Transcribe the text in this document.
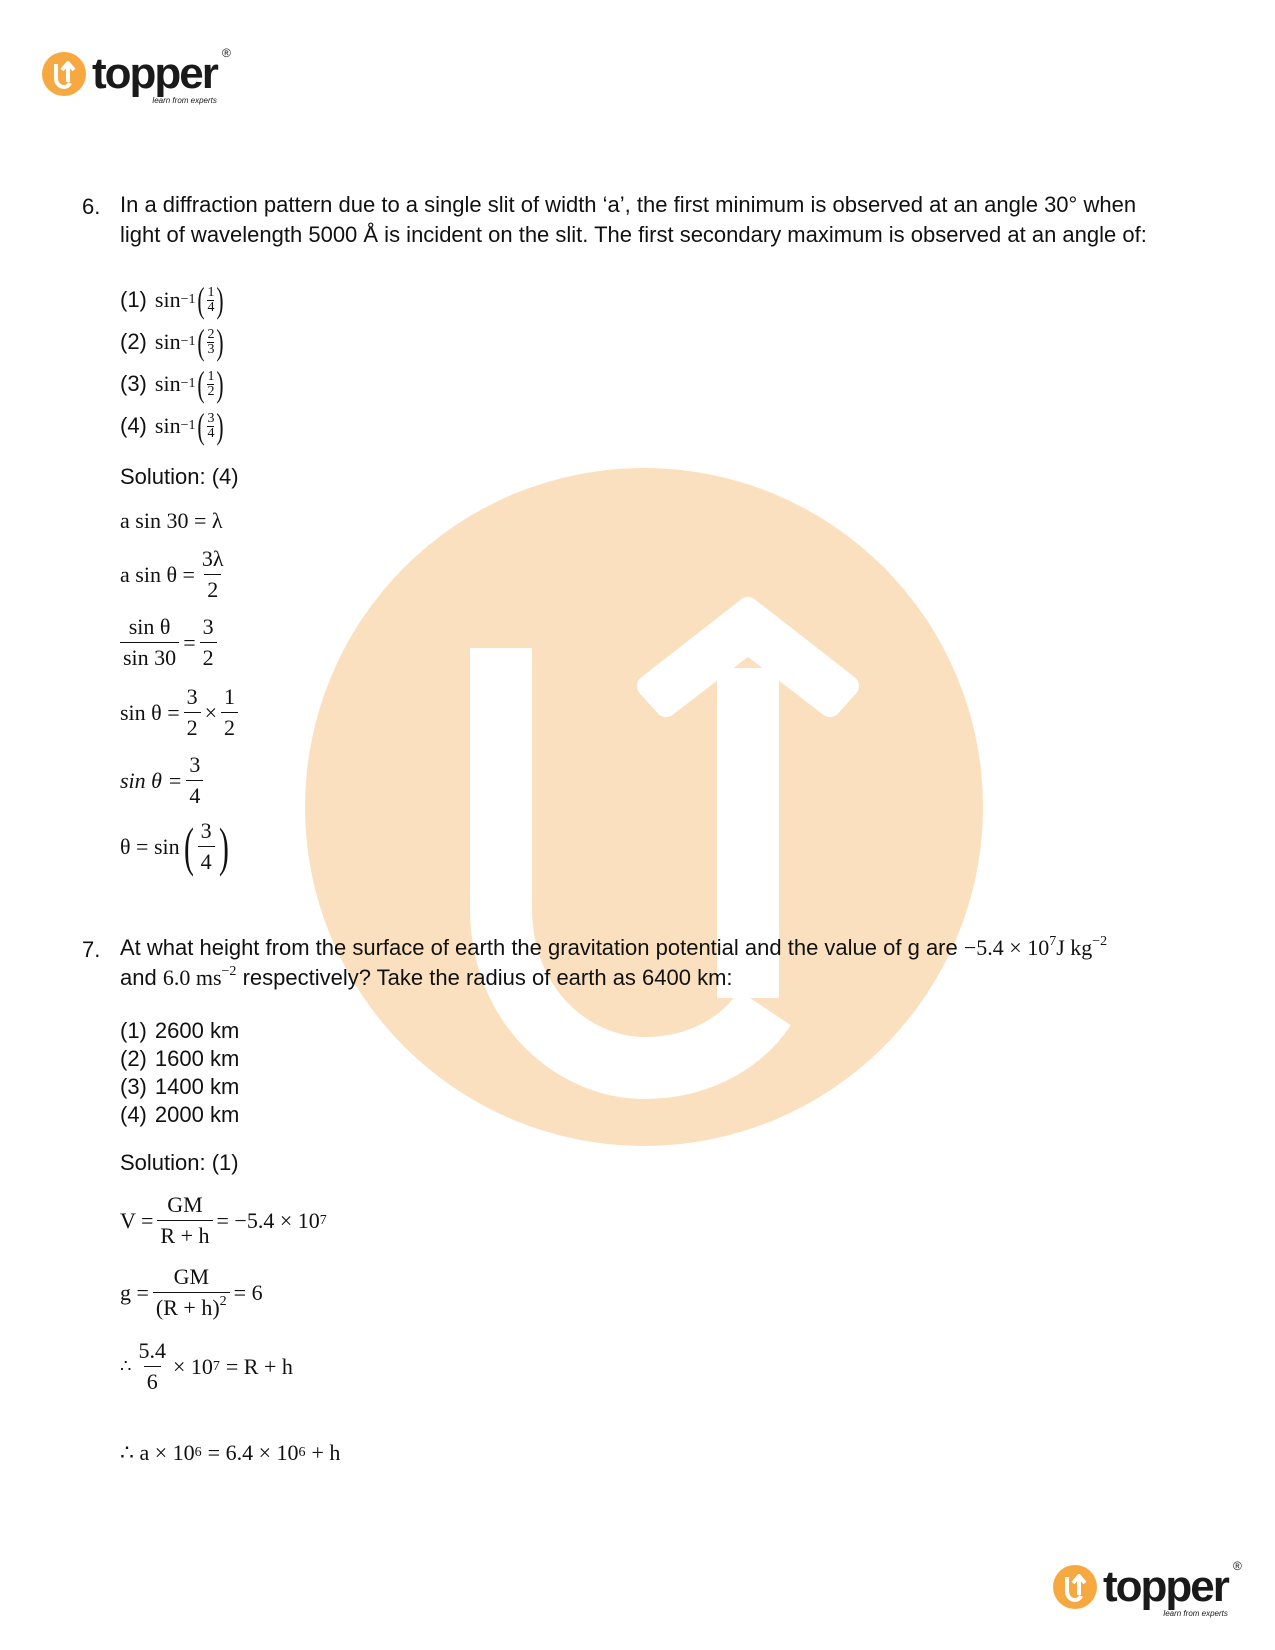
topper ®
learn from experts
6. In a diffraction pattern due to a single slit of width ‘a’, the first minimum is observed at an angle 30° when
light of wavelength 5000 Å is incident on the slit. The first secondary maximum is observed at an angle of:
(1) sin −1 ( $\frac{1}{4}$ )
(2) sin −1 ( $\frac{2}{3}$ )
(3) sin −1 ( $\frac{1}{2}$ )
(4) sin −1 ( $\frac{3}{4}$ )
Solution: (4)
a sin 30 = λ
a $\sin \theta = \frac{3\lambda}{2}$
$\frac{\text{sin θ}}{\sin 30} = \frac{3}{2}$
$\sin \theta = \frac{3}{2} \times \frac{1}{2}$
$\sin \theta = \frac{3}{4}$
θ = sin ( $\frac{3}{4}$ )
7. At what height from the surface of earth the gravitation potential and the value of g are $-5.4 \times 10^7J$ $kg^{-2}$
and 6.0 $ms^{-2}$ respectively? Take the radius of earth as 6400 km:
(1) 2600 km
(2) 1600 km
(3) 1400 km
(4) 2000 km
Solution: (1)
$V = \frac{GM}{R + h} = -5.4 \times 10$ 7
$g = \frac{GM}{(R + h)^2} = 6$
∴ $\frac{5.4}{6} \times 10$ 7 = R + h
∴ a × 10 6 = 6.4 × 10 6 + h
topper ®
learn from experts
